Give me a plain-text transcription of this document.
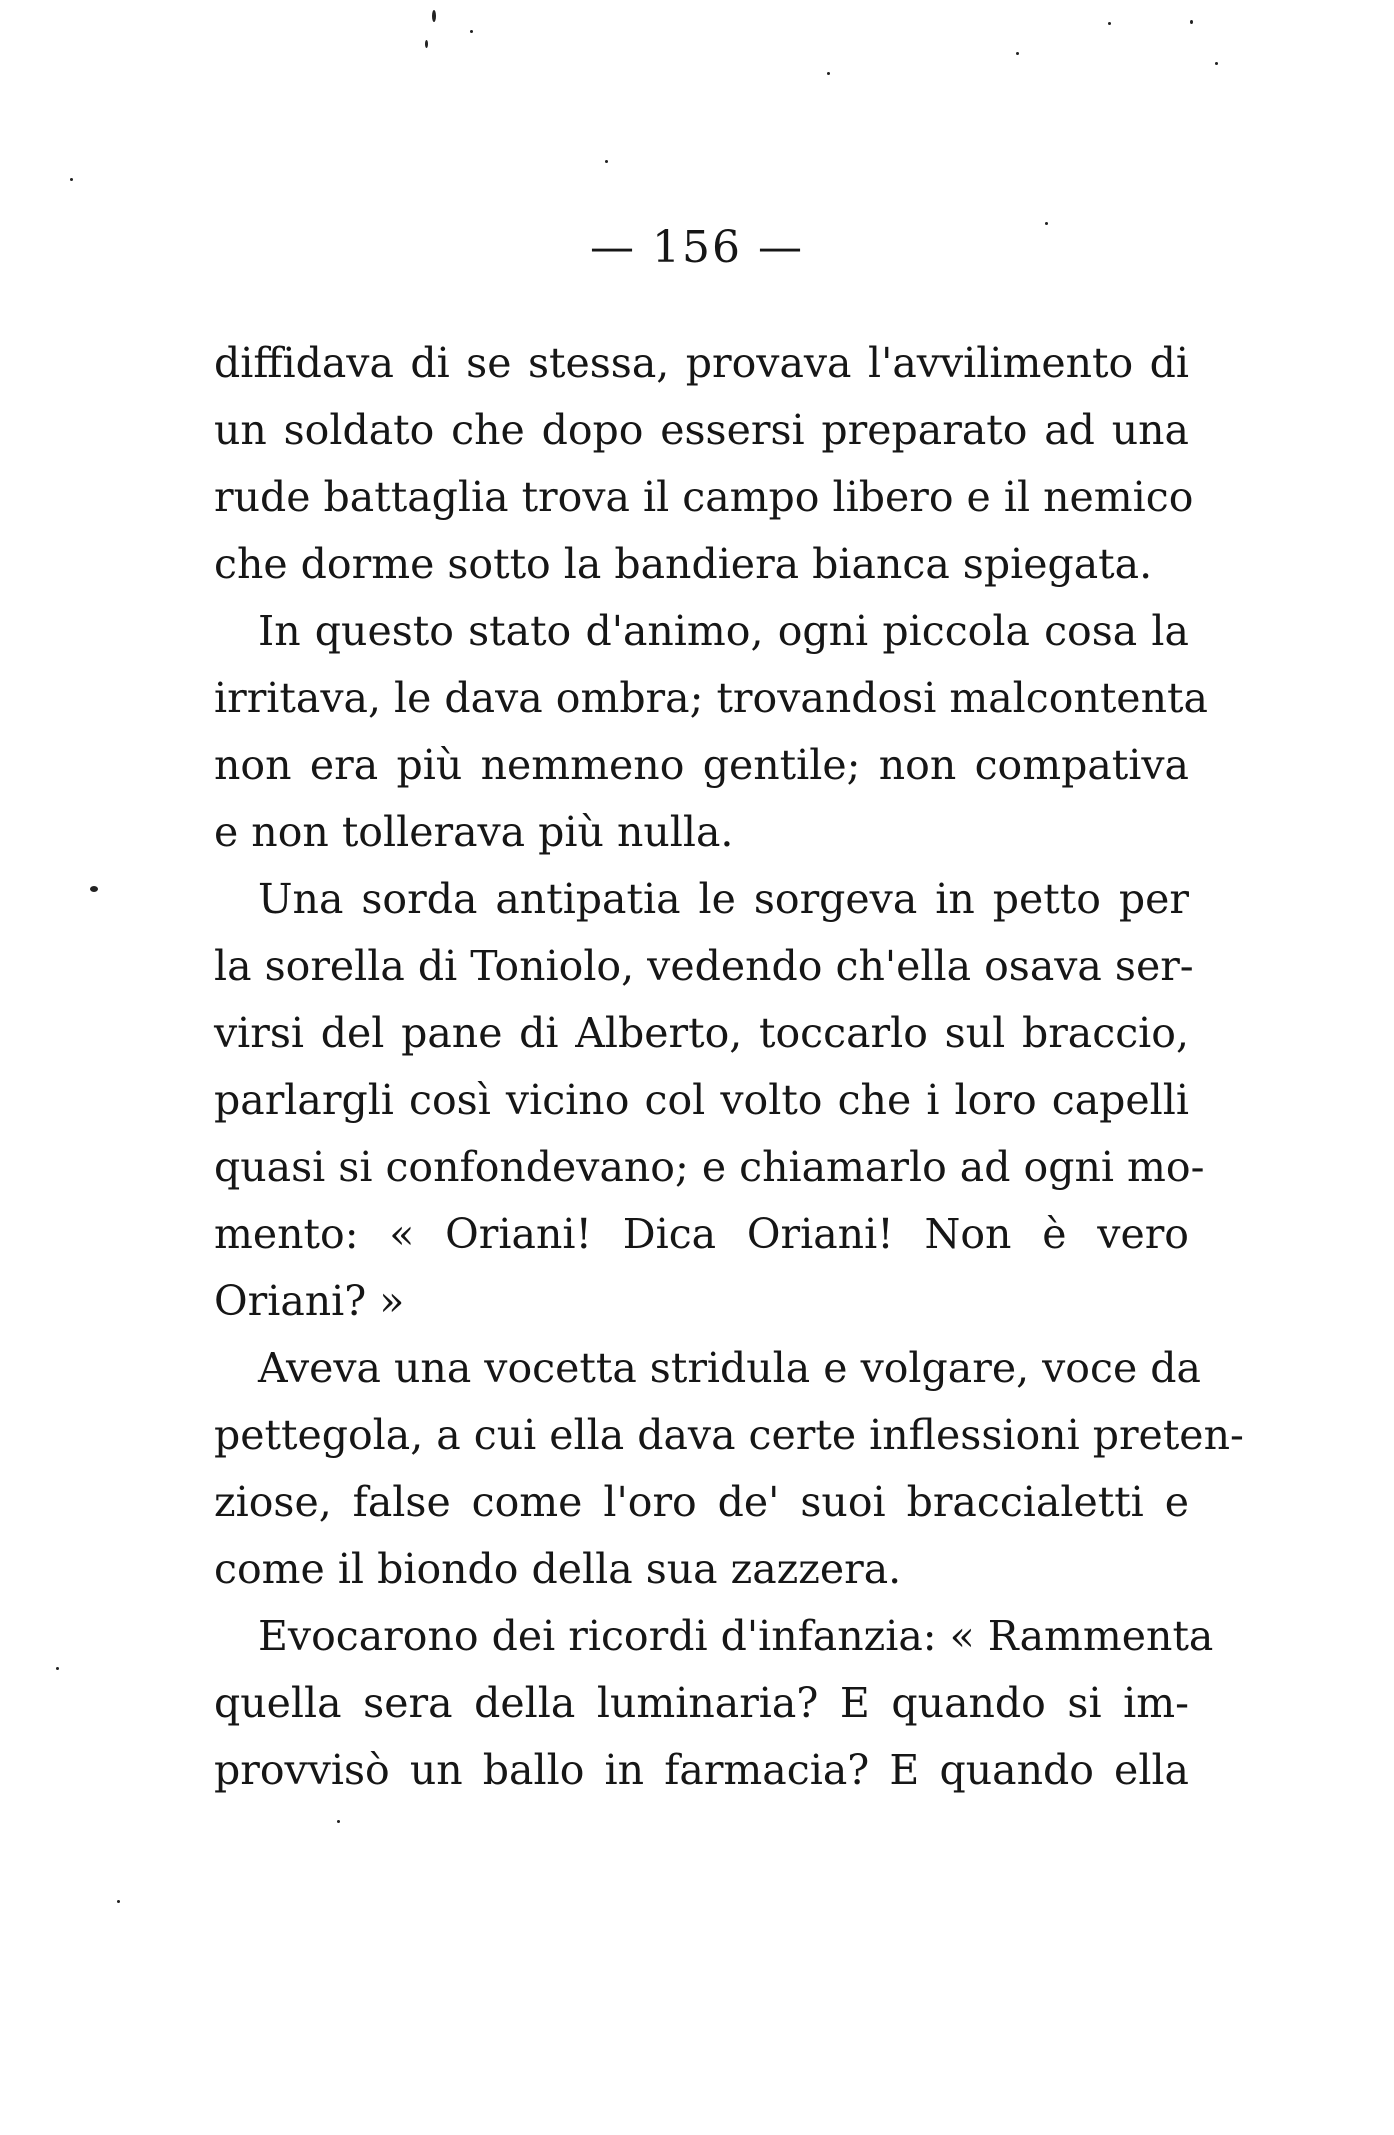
— 156 —
diffidava di se stessa, provava l'avvilimento di
un soldato che dopo essersi preparato ad una
rude battaglia trova il campo libero e il nemico
che dorme sotto la bandiera bianca spiegata.
In questo stato d'animo, ogni piccola cosa la
irritava, le dava ombra; trovandosi malcontenta
non era più nemmeno gentile; non compativa
e non tollerava più nulla.
Una sorda antipatia le sorgeva in petto per
la sorella di Toniolo, vedendo ch'ella osava ser-
virsi del pane di Alberto, toccarlo sul braccio,
parlargli così vicino col volto che i loro capelli
quasi si confondevano; e chiamarlo ad ogni mo-
mento: « Oriani! Dica Oriani! Non è vero
Oriani? »
Aveva una vocetta stridula e volgare, voce da
pettegola, a cui ella dava certe inflessioni preten-
ziose, false come l'oro de' suoi braccialetti e
come il biondo della sua zazzera.
Evocarono dei ricordi d'infanzia: « Rammenta
quella sera della luminaria? E quando si im-
provvisò un ballo in farmacia? E quando ella
